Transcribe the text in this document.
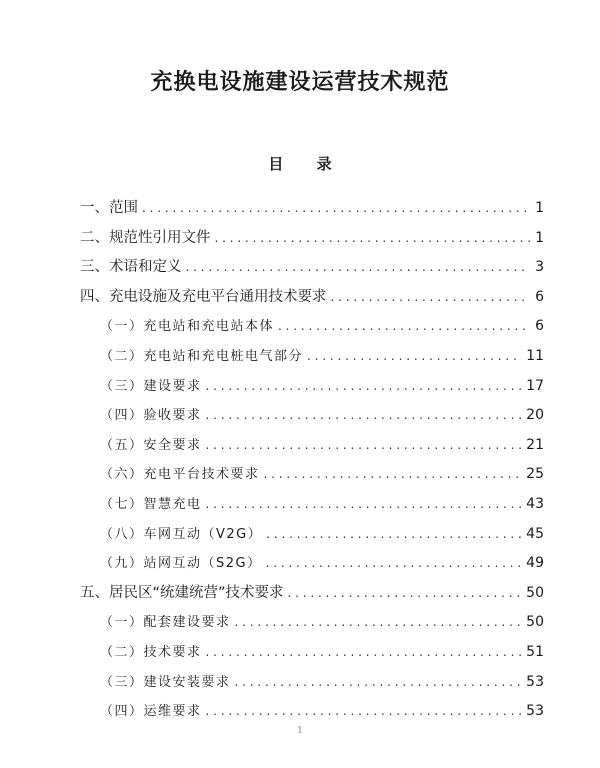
充换电设施建设运营技术规范
目 录
一、范围 . . .	1
二、规范性引用文件 . . .	1
三、术语和定义 . . .	3
四、充电设施及充电平台通用技术要求 . . .	6
（一）充电站和充电站本体 . . .	6
（二）充电站和充电桩电气部分 . . .	11
（三）建设要求 . . .	17
（四）验收要求 . . .	20
（五）安全要求 . . .	21
（六）充电平台技术要求 . . .	25
（七）智慧充电 . . .	43
（八）车网互动（V2G） . . .	45
（九）站网互动（S2G） . . .	49
五、居民区“统建统营”技术要求 . . .	50
（一）配套建设要求 . . .	50
（二）技术要求 . . .	51
（三）建设安装要求 . . .	53
（四）运维要求 . . .	53
1
